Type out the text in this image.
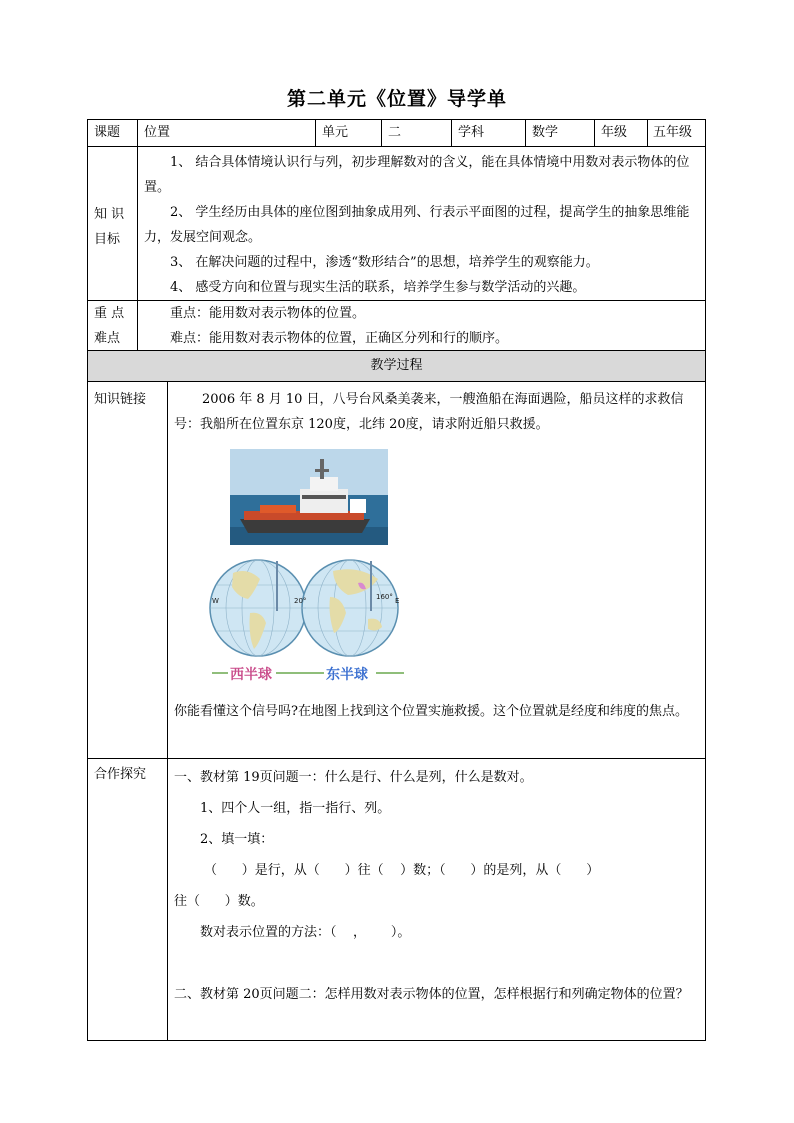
第二单元《位置》导学单
课题	位置	单元	二	学科	数学	年级	五年级
知 识
目标

1、 结合具体情境认识行与列，初步理解数对的含义，能在具体情境中用数对表示物体的位置。

2、 学生经历由具体的座位图到抽象成用列、行表示平面图的过程，提高学生的抽象思维能力，发展空间观念。

3、 在解决问题的过程中，渗透“数形结合”的思想，培养学生的观察能力。

4、 感受方向和位置与现实生活的联系，培养学生参与数学活动的兴趣。

重 点
难点
重点：能用数对表示物体的位置。
难点：能用数对表示物体的位置，正确区分列和行的顺序。
教学过程
知识链接	2006 年 8 月 10 日，八号台风桑美袭来，一艘渔船在海面遇险，船员这样的求救信号：我船所在位置东京 120度，北纬 20度，请求附近船只救援。

W	E
20°	160°
西半球	东半球

你能看懂这个信号吗?在地图上找到这个位置实施救援。这个位置就是经度和纬度的焦点。

合作探究	一、教材第 19页问题一：什么是行、什么是列，什么是数对。

1、四个人一组，指一指行、列。

2、填一填：

（      ）是行，从（      ）往（    ）数；（      ）的是列，从（      ）

往（      ）数。

数对表示位置的方法：（    ，      ）。

二、教材第 20页问题二：怎样用数对表示物体的位置，怎样根据行和列确定物体的位置？
